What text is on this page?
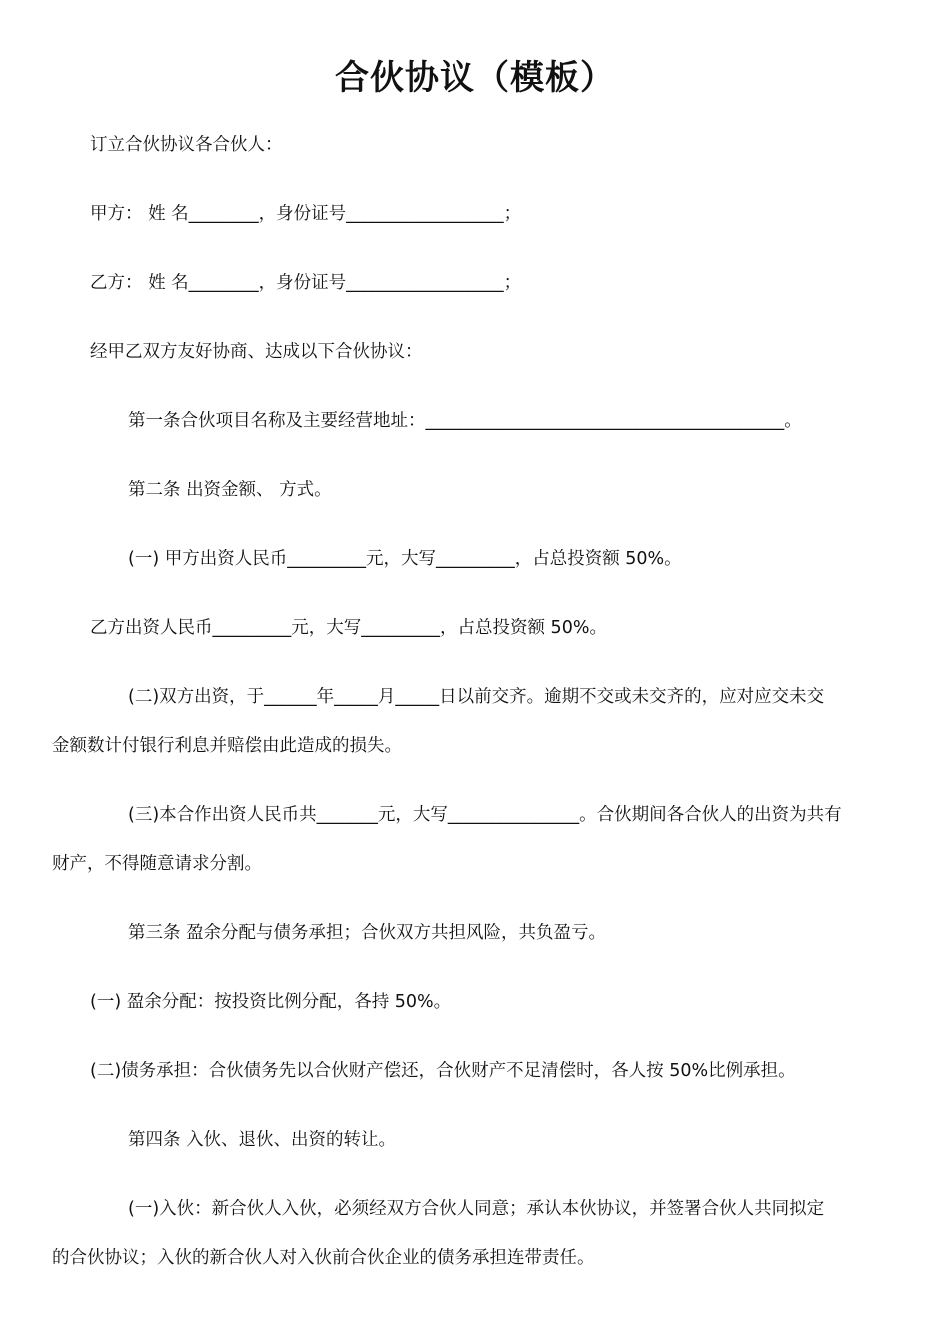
合伙协议（模板）
订立合伙协议各合伙人：
甲方： 姓 名________，身份证号__________________；
乙方： 姓 名________，身份证号__________________；
经甲乙双方友好协商、达成以下合伙协议：
第一条合伙项目名称及主要经营地址：_________________________________________。
第二条 出资金额、 方式。
(一) 甲方出资人民币_________元，大写_________，占总投资额 50%。
乙方出资人民币_________元，大写_________，占总投资额 50%。
(二)双方出资，于______年_____月_____日以前交齐。逾期不交或未交齐的，应对应交未交
金额数计付银行利息并赔偿由此造成的损失。
(三)本合作出资人民币共_______元，大写_______________。合伙期间各合伙人的出资为共有
财产，不得随意请求分割。
第三条 盈余分配与债务承担；合伙双方共担风险，共负盈亏。
(一) 盈余分配：按投资比例分配，各持 50%。
(二)债务承担：合伙债务先以合伙财产偿还，合伙财产不足清偿时，各人按 50%比例承担。
第四条 入伙、退伙、出资的转让。
(一)入伙：新合伙人入伙，必须经双方合伙人同意；承认本伙协议，并签署合伙人共同拟定
的合伙协议；入伙的新合伙人对入伙前合伙企业的债务承担连带责任。
